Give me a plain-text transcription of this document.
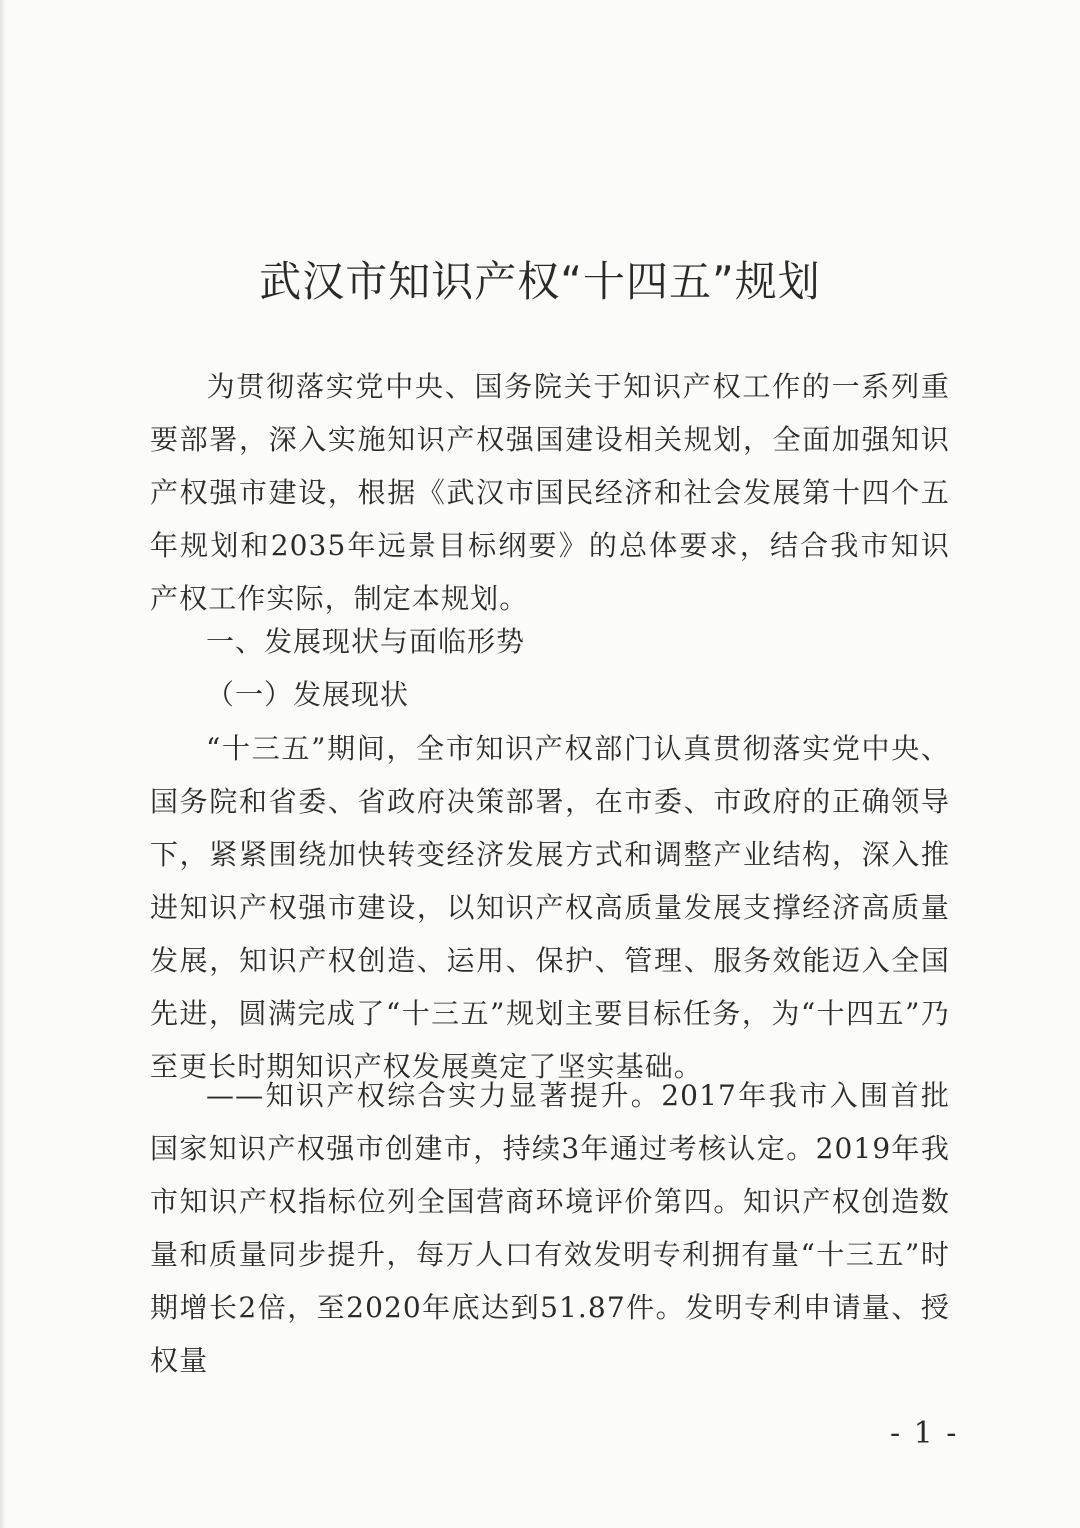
武汉市知识产权“十四五”规划

为贯彻落实党中央、国务院关于知识产权工作的一系列重要部署，深入实施知识产权强国建设相关规划，全面加强知识产权强市建设，根据《武汉市国民经济和社会发展第十四个五年规划和2035年远景目标纲要》的总体要求，结合我市知识产权工作实际，制定本规划。

一、发展现状与面临形势
（一）发展现状

“十三五”期间，全市知识产权部门认真贯彻落实党中央、国务院和省委、省政府决策部署，在市委、市政府的正确领导下，紧紧围绕加快转变经济发展方式和调整产业结构，深入推进知识产权强市建设，以知识产权高质量发展支撑经济高质量发展，知识产权创造、运用、保护、管理、服务效能迈入全国先进，圆满完成了“十三五”规划主要目标任务，为“十四五”乃至更长时期知识产权发展奠定了坚实基础。

——知识产权综合实力显著提升。2017年我市入围首批国家知识产权强市创建市，持续3年通过考核认定。2019年我市知识产权指标位列全国营商环境评价第四。知识产权创造数量和质量同步提升，每万人口有效发明专利拥有量“十三五”时期增长2倍，至2020年底达到51.87件。发明专利申请量、授权量

- 1 -
